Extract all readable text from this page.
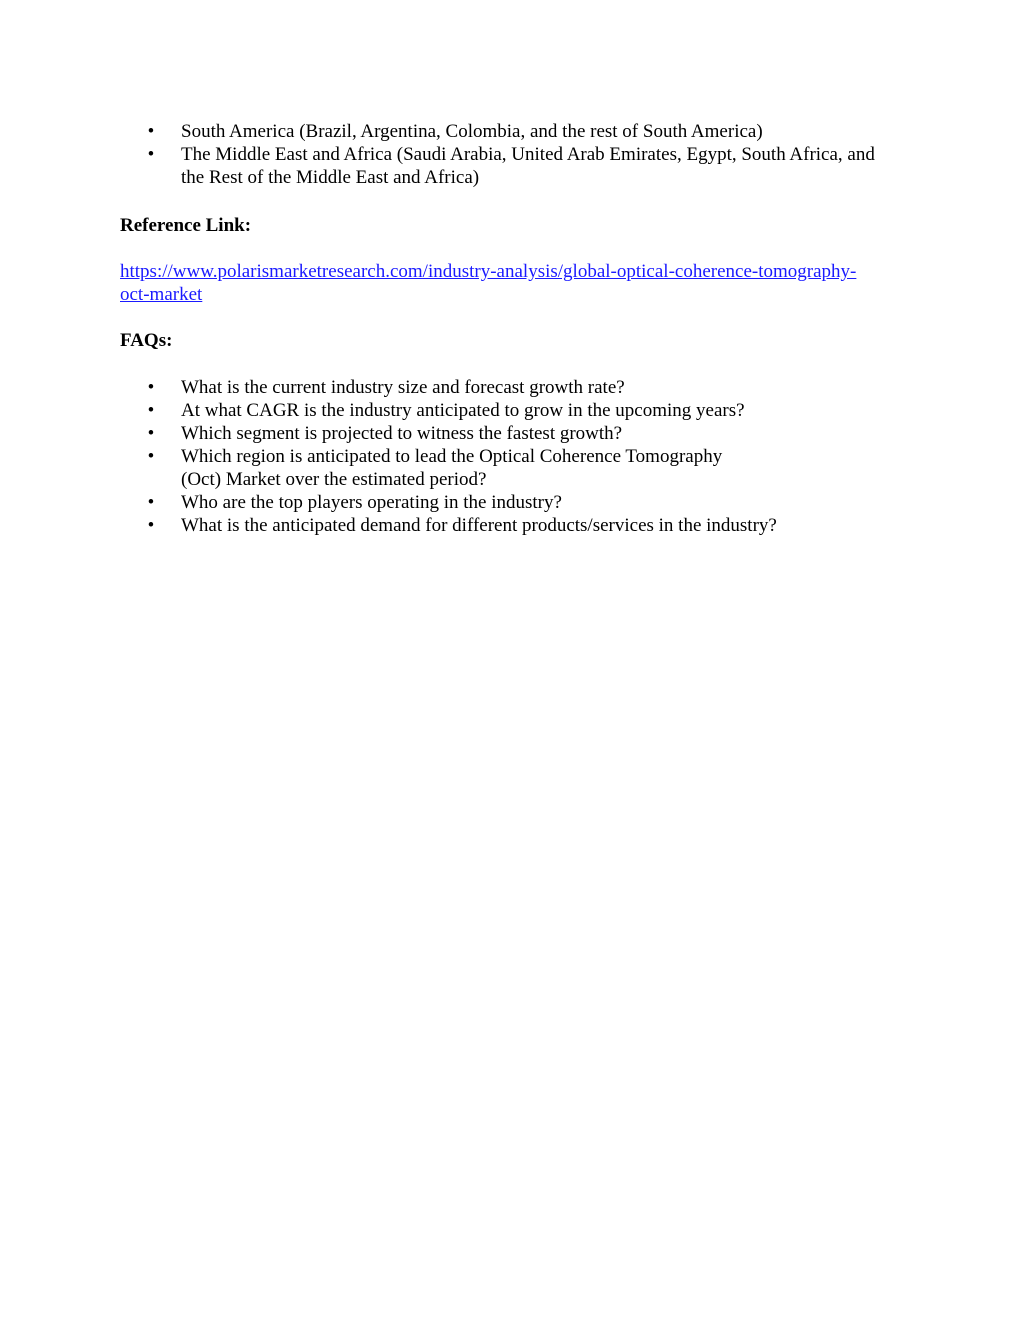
• South America (Brazil, Argentina, Colombia, and the rest of South America)
• The Middle East and Africa (Saudi Arabia, United Arab Emirates, Egypt, South Africa, and the Rest of the Middle East and Africa)

Reference Link:

https://www.polarismarketresearch.com/industry-analysis/global-optical-coherence-tomography-
oct-market

FAQs:

• What is the current industry size and forecast growth rate?
• At what CAGR is the industry anticipated to grow in the upcoming years?
• Which segment is projected to witness the fastest growth?
• Which region is anticipated to lead the Optical Coherence Tomography (Oct) Market over the estimated period?
• Who are the top players operating in the industry?
• What is the anticipated demand for different products/services in the industry?
